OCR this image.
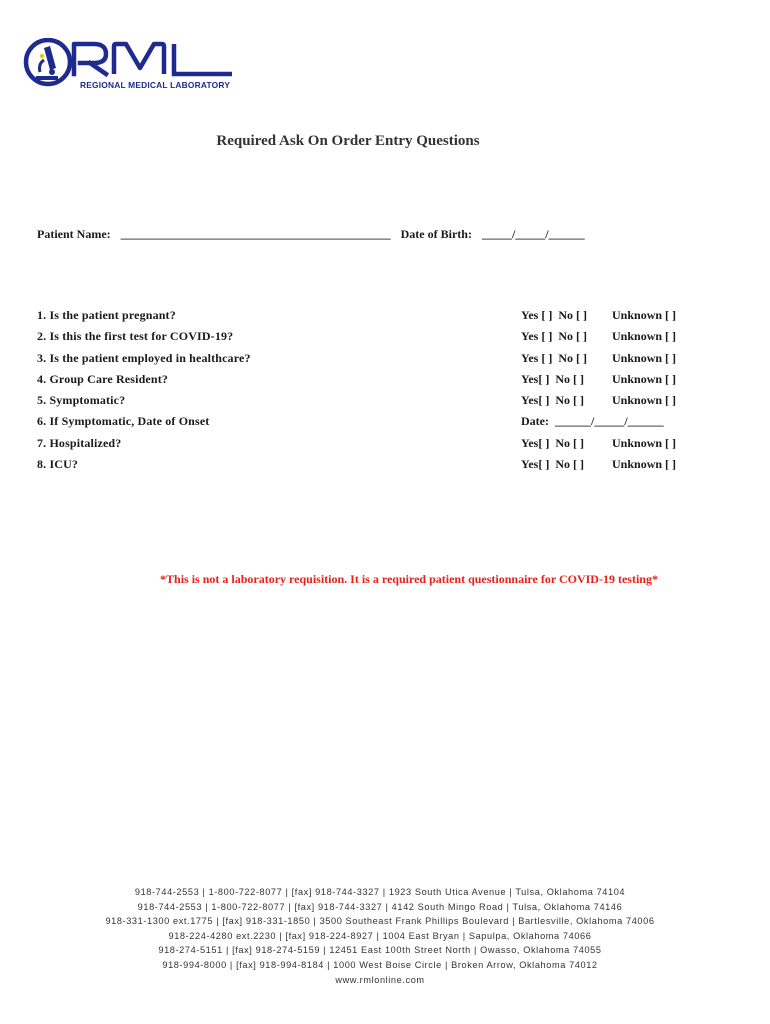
REGIONAL MEDICAL LABORATORY
Required Ask On Order Entry Questions
Patient Name: _____________________________________________ Date of Birth: _____/_____/______
1. Is the patient pregnant?	Yes [ ]  No [ ] Unknown [ ]
2. Is this the first test for COVID-19?	Yes [ ]  No [ ] Unknown [ ]
3. Is the patient employed in healthcare?	Yes [ ]  No [ ] Unknown [ ]
4. Group Care Resident?	Yes[ ]  No [ ] Unknown [ ]
5. Symptomatic?	Yes[ ]  No [ ] Unknown [ ]
6. If Symptomatic, Date of Onset	Date:  ______/_____/______
7. Hospitalized?	Yes[ ]  No [ ] Unknown [ ]
8. ICU?	Yes[ ]  No [ ] Unknown [ ]
*This is not a laboratory requisition. It is a required patient questionnaire for COVID-19 testing*
918-744-2553 | 1-800-722-8077 | [fax] 918-744-3327 | 1923 South Utica Avenue | Tulsa, Oklahoma 74104
918-744-2553 | 1-800-722-8077 | [fax] 918-744-3327 | 4142 South Mingo Road | Tulsa, Oklahoma 74146
918-331-1300 ext.1775 | [fax] 918-331-1850 | 3500 Southeast Frank Phillips Boulevard | Bartlesville, Oklahoma 74006
918-224-4280 ext.2230 | [fax] 918-224-8927 | 1004 East Bryan | Sapulpa, Oklahoma 74066
918-274-5151 | [fax] 918-274-5159 | 12451 East 100th Street North | Owasso, Oklahoma 74055
918-994-8000 | [fax] 918-994-8184 | 1000 West Boise Circle | Broken Arrow, Oklahoma 74012
www.rmlonline.com
